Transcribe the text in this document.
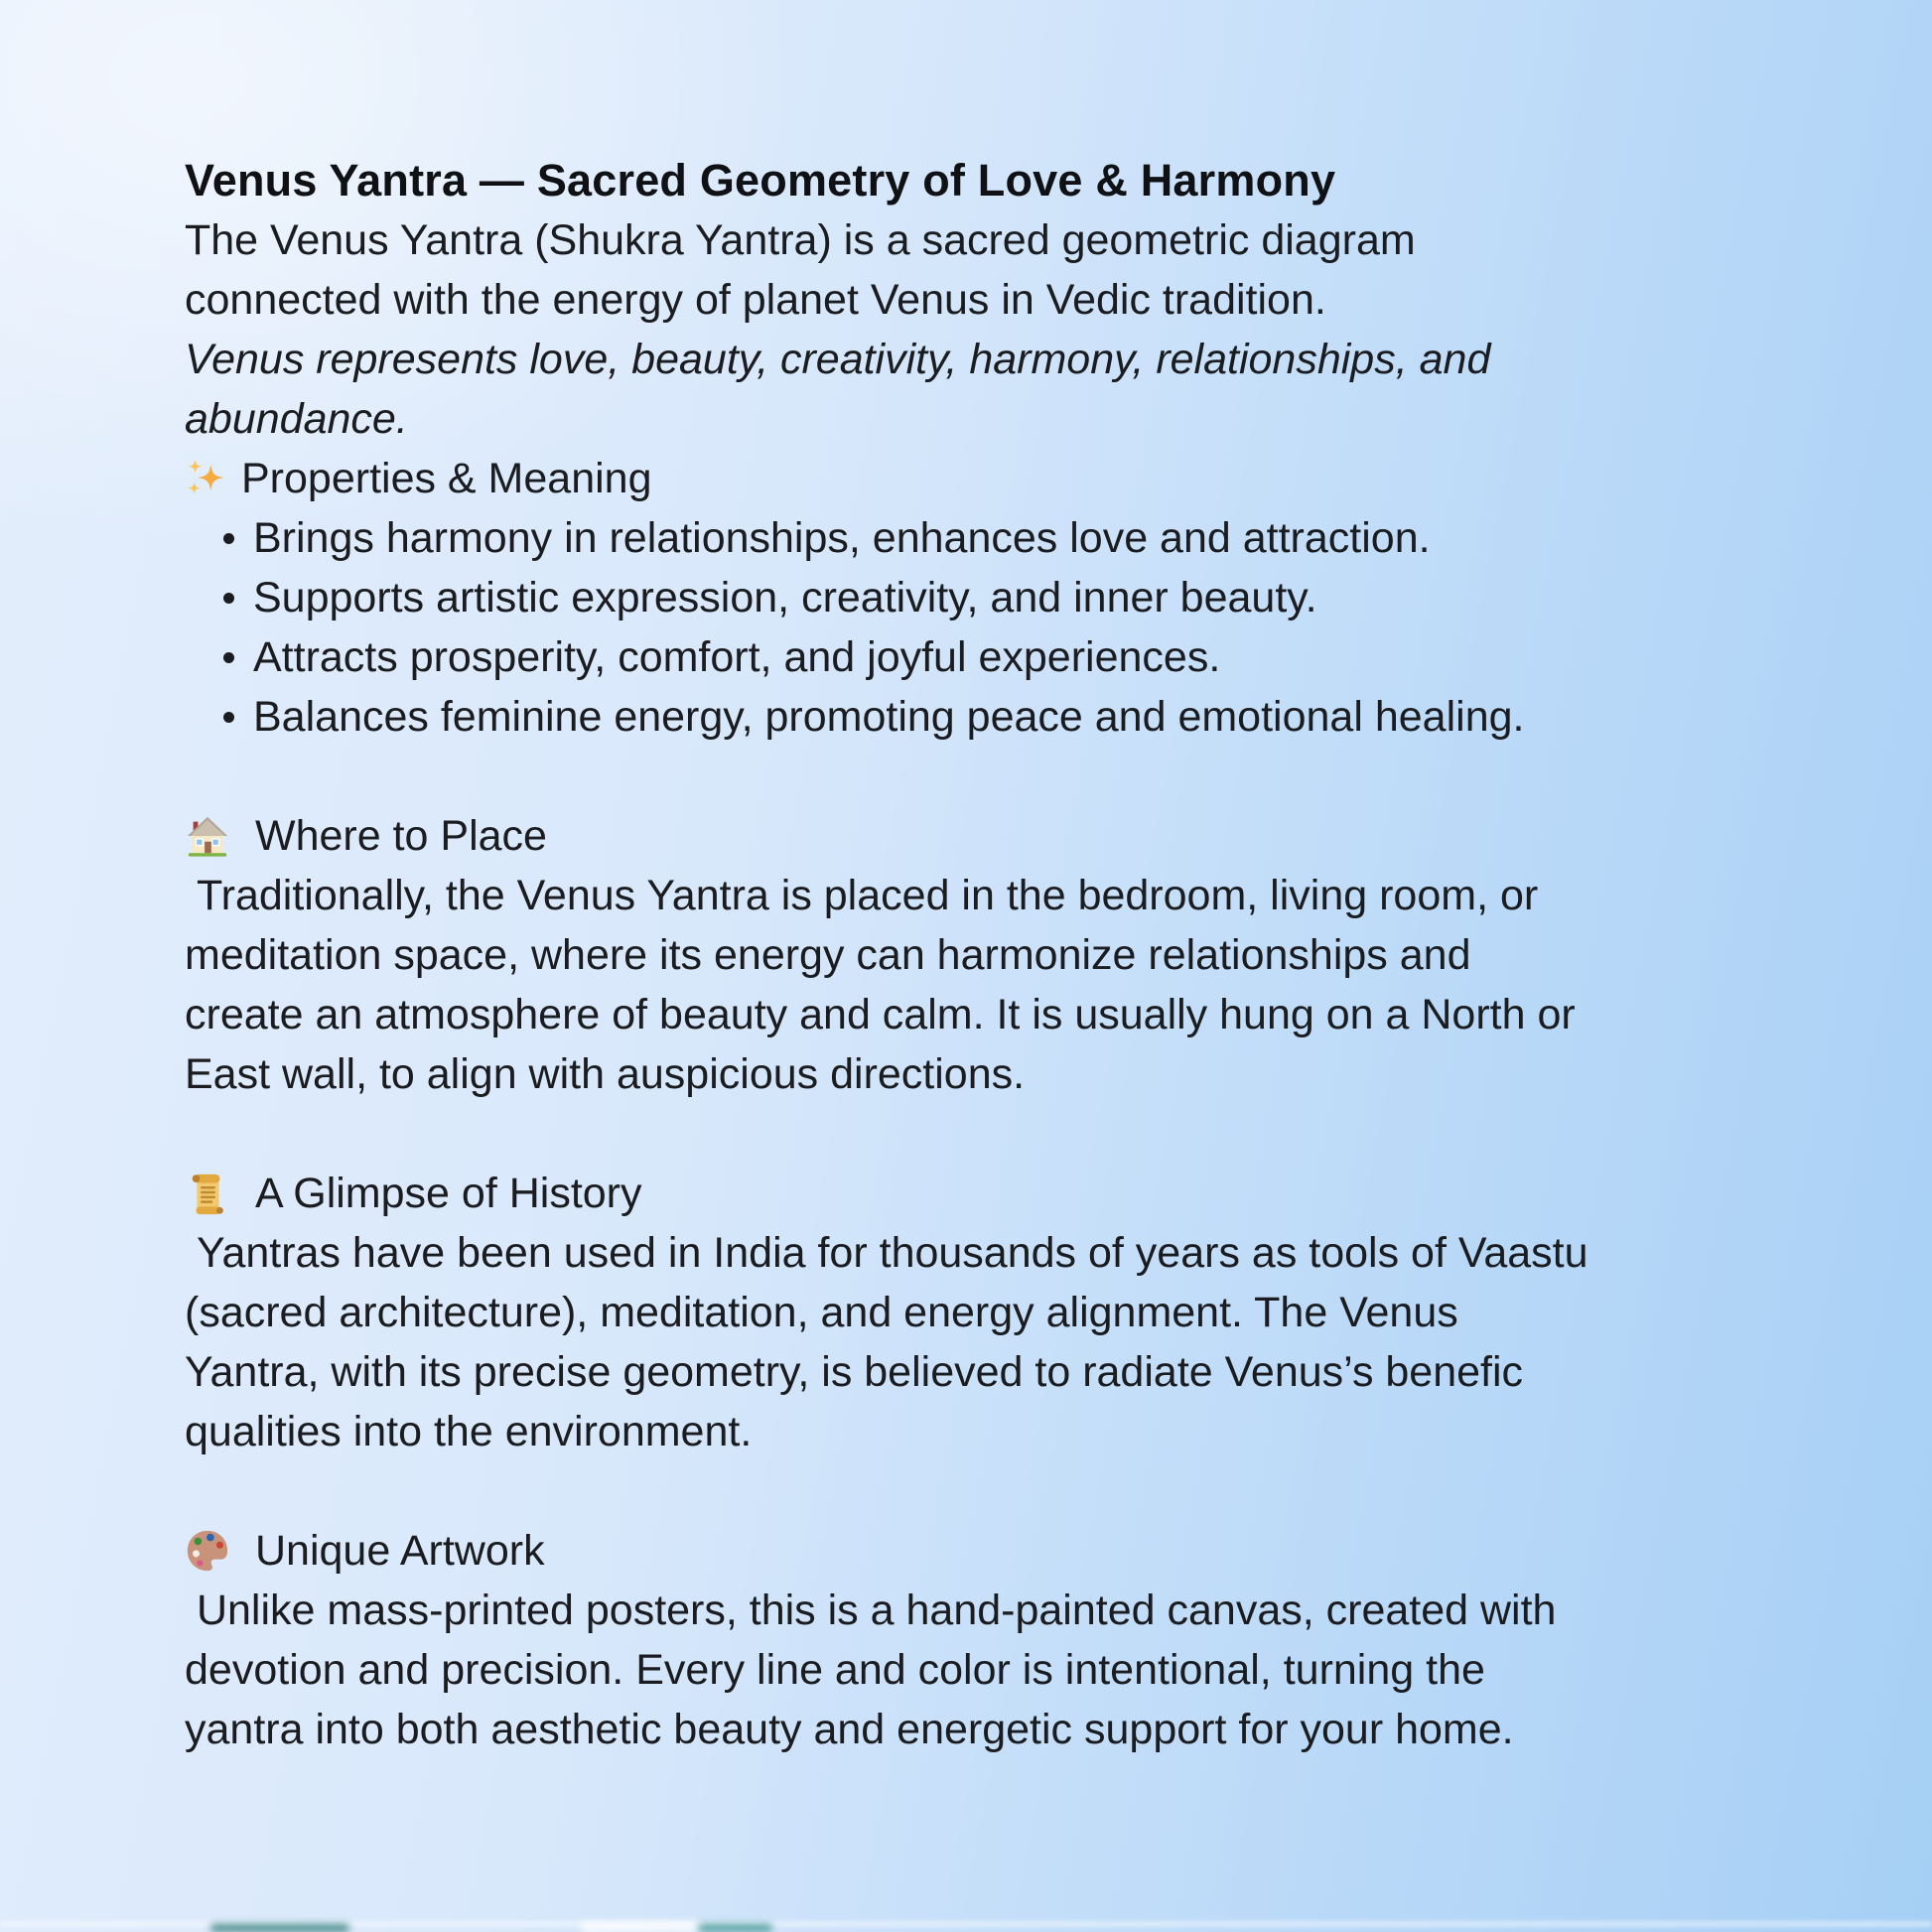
Venus Yantra — Sacred Geometry of Love & Harmony
The Venus Yantra (Shukra Yantra) is a sacred geometric diagram
connected with the energy of planet Venus in Vedic tradition.
Venus represents love, beauty, creativity, harmony, relationships, and
abundance.
Properties & Meaning
Brings harmony in relationships, enhances love and attraction.
Supports artistic expression, creativity, and inner beauty.
Attracts prosperity, comfort, and joyful experiences.
Balances feminine energy, promoting peace and emotional healing.
Where to Place
Traditionally, the Venus Yantra is placed in the bedroom, living room, or
meditation space, where its energy can harmonize relationships and
create an atmosphere of beauty and calm. It is usually hung on a North or
East wall, to align with auspicious directions.
A Glimpse of History
Yantras have been used in India for thousands of years as tools of Vaastu
(sacred architecture), meditation, and energy alignment. The Venus
Yantra, with its precise geometry, is believed to radiate Venus’s benefic
qualities into the environment.
Unique Artwork
Unlike mass-printed posters, this is a hand-painted canvas, created with
devotion and precision. Every line and color is intentional, turning the
yantra into both aesthetic beauty and energetic support for your home.
